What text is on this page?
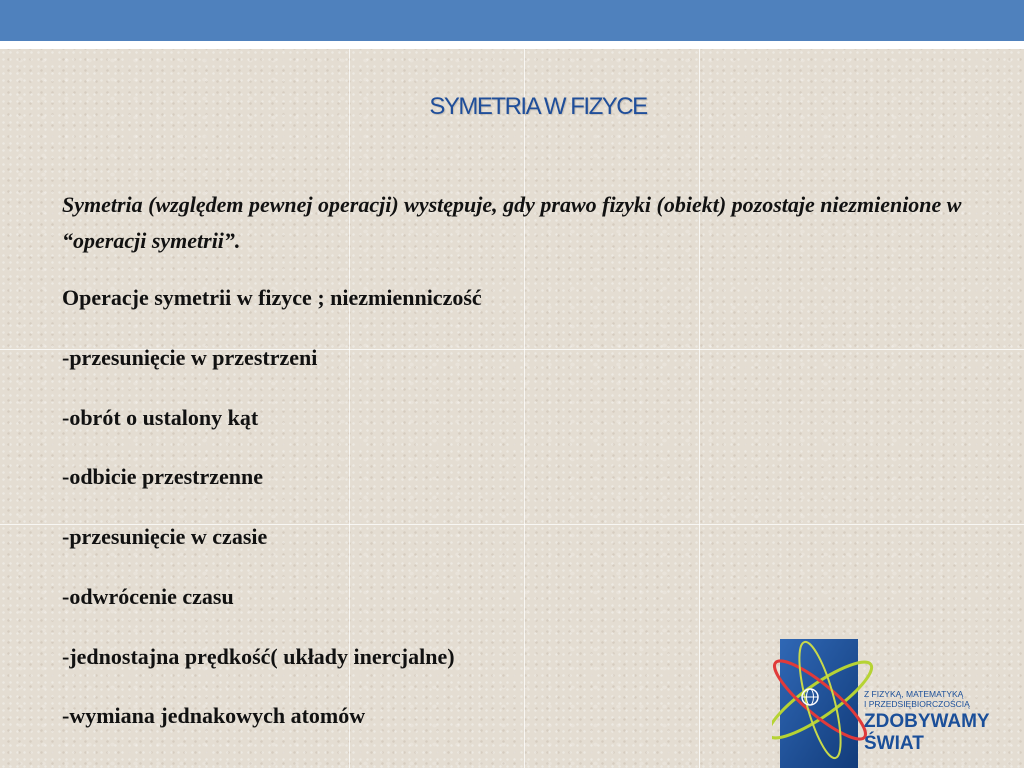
SYMETRIA W FIZYCE
Symetria (względem pewnej operacji) występuje, gdy prawo fizyki (obiekt) pozostaje niezmienione w “operacji symetrii”.
Operacje symetrii w fizyce ; niezmienniczość
-przesunięcie w przestrzeni
-obrót o ustalony kąt
-odbicie przestrzenne
-przesunięcie w czasie
-odwrócenie czasu
-jednostajna prędkość( układy inercjalne)
-wymiana jednakowych atomów
Z FIZYKĄ, MATEMATYKĄ
I PRZEDSIĘBIORCZOŚCIĄ
ZDOBYWAMY
ŚWIAT
